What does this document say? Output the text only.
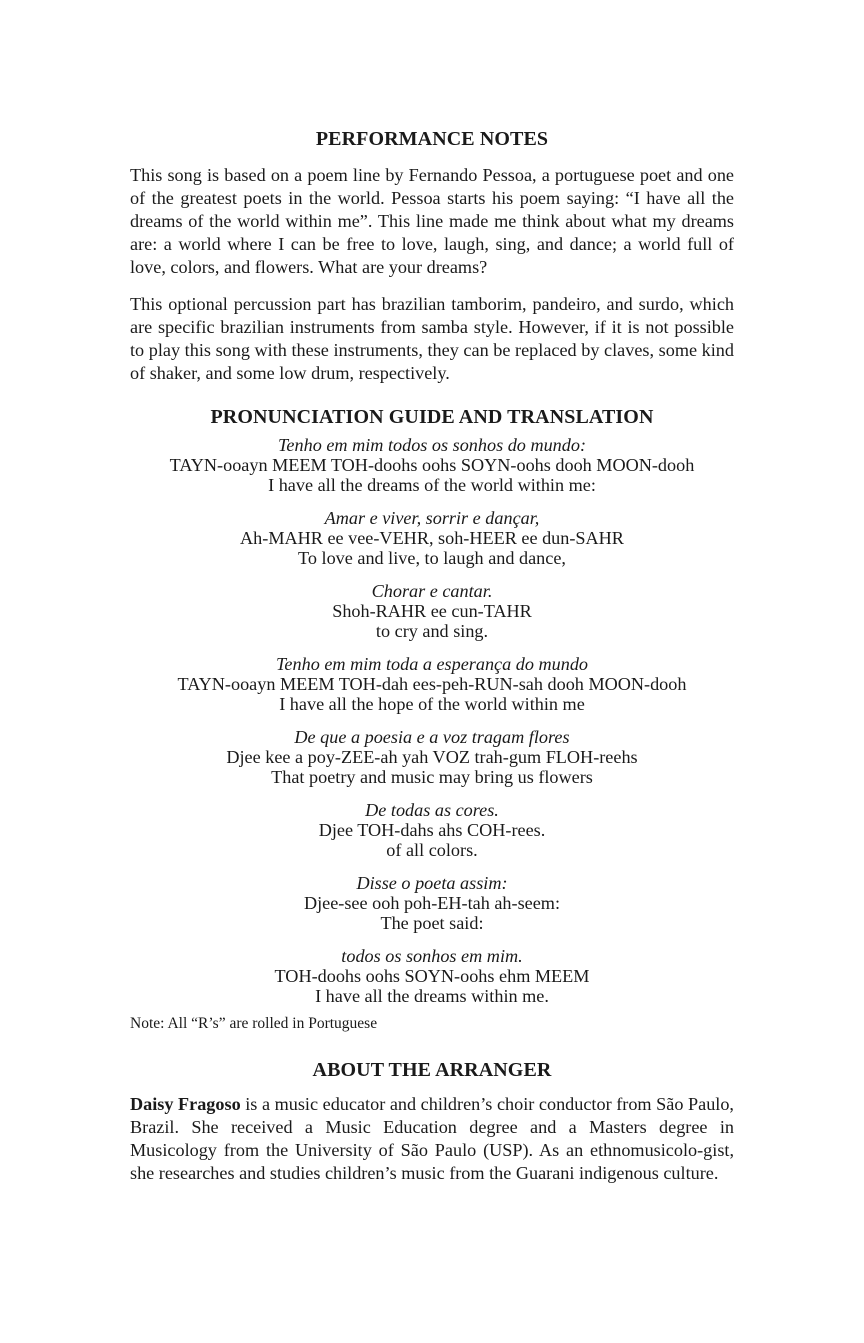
PERFORMANCE NOTES

This song is based on a poem line by Fernando Pessoa, a portuguese poet and one of the greatest poets in the world. Pessoa starts his poem saying: “I have all the dreams of the world within me”. This line made me think about what my dreams are: a world where I can be free to love, laugh, sing, and dance; a world full of love, colors, and flowers. What are your dreams?

This optional percussion part has brazilian tamborim, pandeiro, and surdo, which are specific brazilian instruments from samba style. However, if it is not possible to play this song with these instruments, they can be replaced by claves, some kind of shaker, and some low drum, respectively.

PRONUNCIATION GUIDE AND TRANSLATION
Tenho em mim todos os sonhos do mundo:
TAYN-ooayn MEEM TOH-doohs oohs SOYN-oohs dooh MOON-dooh
I have all the dreams of the world within me:
Amar e viver, sorrir e dançar,
Ah-MAHR ee vee-VEHR, soh-HEER ee dun-SAHR
To love and live, to laugh and dance,
Chorar e cantar.
Shoh-RAHR ee cun-TAHR
to cry and sing.
Tenho em mim toda a esperança do mundo
TAYN-ooayn MEEM TOH-dah ees-peh-RUN-sah dooh MOON-dooh
I have all the hope of the world within me
De que a poesia e a voz tragam flores
Djee kee a poy-ZEE-ah yah VOZ trah-gum FLOH-reehs
That poetry and music may bring us flowers
De todas as cores.
Djee TOH-dahs ahs COH-rees.
of all colors.
Disse o poeta assim:
Djee-see ooh poh-EH-tah ah-seem:
The poet said:
todos os sonhos em mim.
TOH-doohs oohs SOYN-oohs ehm MEEM
I have all the dreams within me.
Note: All “R’s” are rolled in Portuguese
ABOUT THE ARRANGER

Daisy Fragoso is a music educator and children’s choir conductor from São Paulo, Brazil. She received a Music Education degree and a Masters degree in Musicology from the University of São Paulo (USP). As an ethnomusicolo-gist, she researches and studies children’s music from the Guarani indigenous culture.
